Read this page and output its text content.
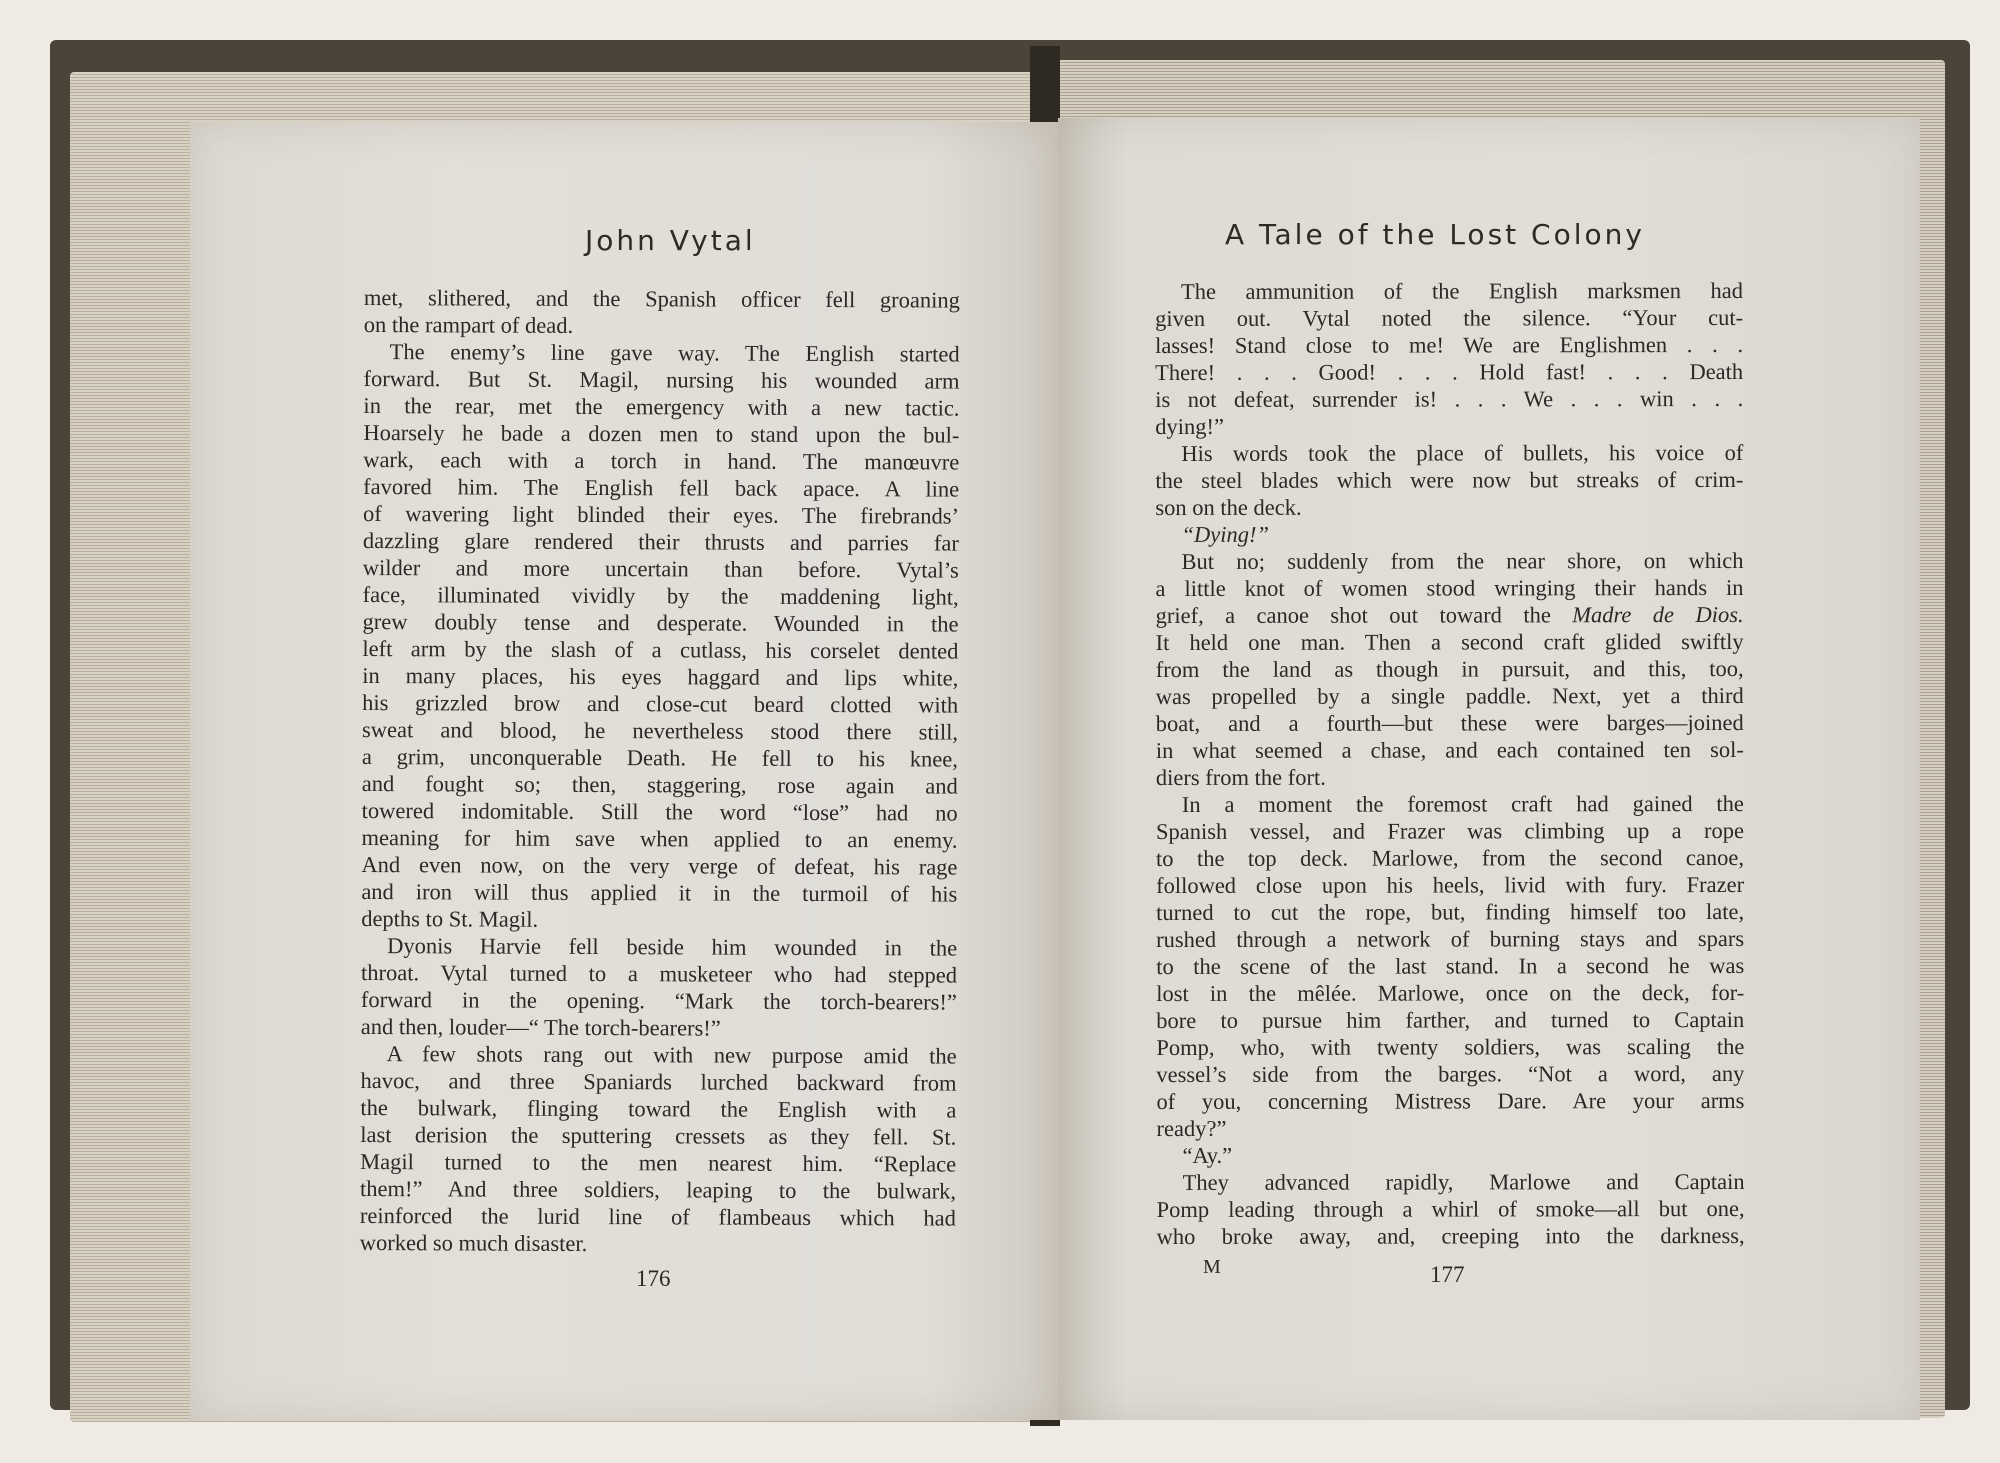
John Vytal	A Tale of the Lost Colony
met, slithered, and the Spanish officer fell groaning
on the rampart of dead.
The enemy’s line gave way. The English started
forward. But St. Magil, nursing his wounded arm
in the rear, met the emergency with a new tactic.
Hoarsely he bade a dozen men to stand upon the bul-
wark, each with a torch in hand. The manœuvre
favored him. The English fell back apace. A line
of wavering light blinded their eyes. The firebrands’
dazzling glare rendered their thrusts and parries far
wilder and more uncertain than before. Vytal’s
face, illuminated vividly by the maddening light,
grew doubly tense and desperate. Wounded in the
left arm by the slash of a cutlass, his corselet dented
in many places, his eyes haggard and lips white,
his grizzled brow and close-cut beard clotted with
sweat and blood, he nevertheless stood there still,
a grim, unconquerable Death. He fell to his knee,
and fought so; then, staggering, rose again and
towered indomitable. Still the word “lose” had no
meaning for him save when applied to an enemy.
And even now, on the very verge of defeat, his rage
and iron will thus applied it in the turmoil of his
depths to St. Magil.
Dyonis Harvie fell beside him wounded in the
throat. Vytal turned to a musketeer who had stepped
forward in the opening. “Mark the torch-bearers!”
and then, louder—“ The torch-bearers!”
A few shots rang out with new purpose amid the
havoc, and three Spaniards lurched backward from
the bulwark, flinging toward the English with a
last derision the sputtering cressets as they fell. St.
Magil turned to the men nearest him. “Replace
them!” And three soldiers, leaping to the bulwark,
reinforced the lurid line of flambeaus which had
worked so much disaster.
The ammunition of the English marksmen had
given out. Vytal noted the silence. “Your cut-
lasses! Stand close to me! We are Englishmen . . .
There! . . . Good! . . . Hold fast! . . . Death
is not defeat, surrender is! . . . We . . . win . . .
dying!”
His words took the place of bullets, his voice of
the steel blades which were now but streaks of crim-
son on the deck.
“Dying!”
But no; suddenly from the near shore, on which
a little knot of women stood wringing their hands in
grief, a canoe shot out toward the Madre de Dios.
It held one man. Then a second craft glided swiftly
from the land as though in pursuit, and this, too,
was propelled by a single paddle. Next, yet a third
boat, and a fourth—but these were barges—joined
in what seemed a chase, and each contained ten sol-
diers from the fort.
In a moment the foremost craft had gained the
Spanish vessel, and Frazer was climbing up a rope
to the top deck. Marlowe, from the second canoe,
followed close upon his heels, livid with fury. Frazer
turned to cut the rope, but, finding himself too late,
rushed through a network of burning stays and spars
to the scene of the last stand. In a second he was
lost in the mêlée. Marlowe, once on the deck, for-
bore to pursue him farther, and turned to Captain
Pomp, who, with twenty soldiers, was scaling the
vessel’s side from the barges. “Not a word, any
of you, concerning Mistress Dare. Are your arms
ready?”
“Ay.”
They advanced rapidly, Marlowe and Captain
Pomp leading through a whirl of smoke—all but one,
who broke away, and, creeping into the darkness,
176	M	177
